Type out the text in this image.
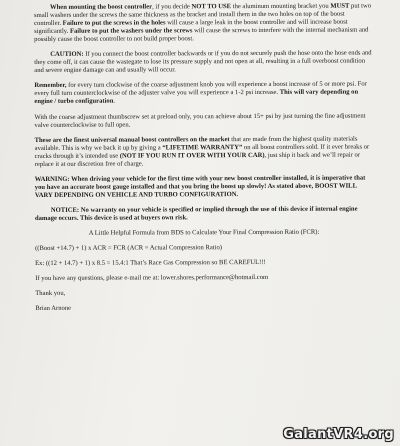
When mounting the boost controller, if you decide NOT TO USE the aluminum mounting bracket you MUST put two small washers under the screws the same thickness as the bracket and install them in the two holes on top of the boost controller. Failure to put the screws in the holes will cause a large leak in the boost controller and will increase boost significantly. Failure to put the washers under the screws will cause the screws to interfere with the internal mechanism and possibly cause the boost controller to not build proper boost.

CAUTION: If you connect the boost controller backwards or if you do not securely push the hose onto the hose ends and they come off, it can cause the wastegate to lose its pressure supply and not open at all, resulting in a full overboost condition and severe engine damage can and usually will occur.

Remember, for every turn clockwise of the coarse adjustment knob you will experience a boost increase of 5 or more psi. For every full turn counterclockwise of the adjuster valve you will experience a 1-2 psi increase. This will vary depending on engine / turbo configuration.

With the coarse adjustment thumbscrew set at preload only, you can achieve about 15+ psi by just turning the fine adjustment valve counterclockwise to full open.

These are the finest universal manual boost controllers on the market that are made from the highest quality materials available. This is why we back it up by giving a “LIFETIME WARRANTY” on all boost controllers sold. If it ever breaks or cracks through it’s intended use (NOT IF YOU RUN IT OVER WITH YOUR CAR), just ship it back and we’ll repair or replace it at our discretion free of charge.

WARNING: When driving your vehicle for the first time with your new boost controller installed, it is imperative that you have an accurate boost gauge installed and that you bring the boost up slowly! As stated above, BOOST WILL VARY DEPENDING ON VEHICLE AND TURBO CONFIGURATION.

NOTICE: No warranty on your vehicle is specified or implied through the use of this device if internal engine damage occurs. This device is used at buyers own risk.

A Little Helpful Formula from BDS to Calculate Your Final Compression Ratio (FCR):

((Boost +14.7) + 1) x ACR = FCR (ACR = Actual Compression Ratio)

Ex: ((12 + 14.7) + 1) x 8.5 = 15.4:1 That’s Race Gas Compression so BE CAREFUL!!!

If you have any questions, please e-mail me at: lower.shores.performance@hotmail.com

Thank you,

Brian Arnone

GalantVR4.org
